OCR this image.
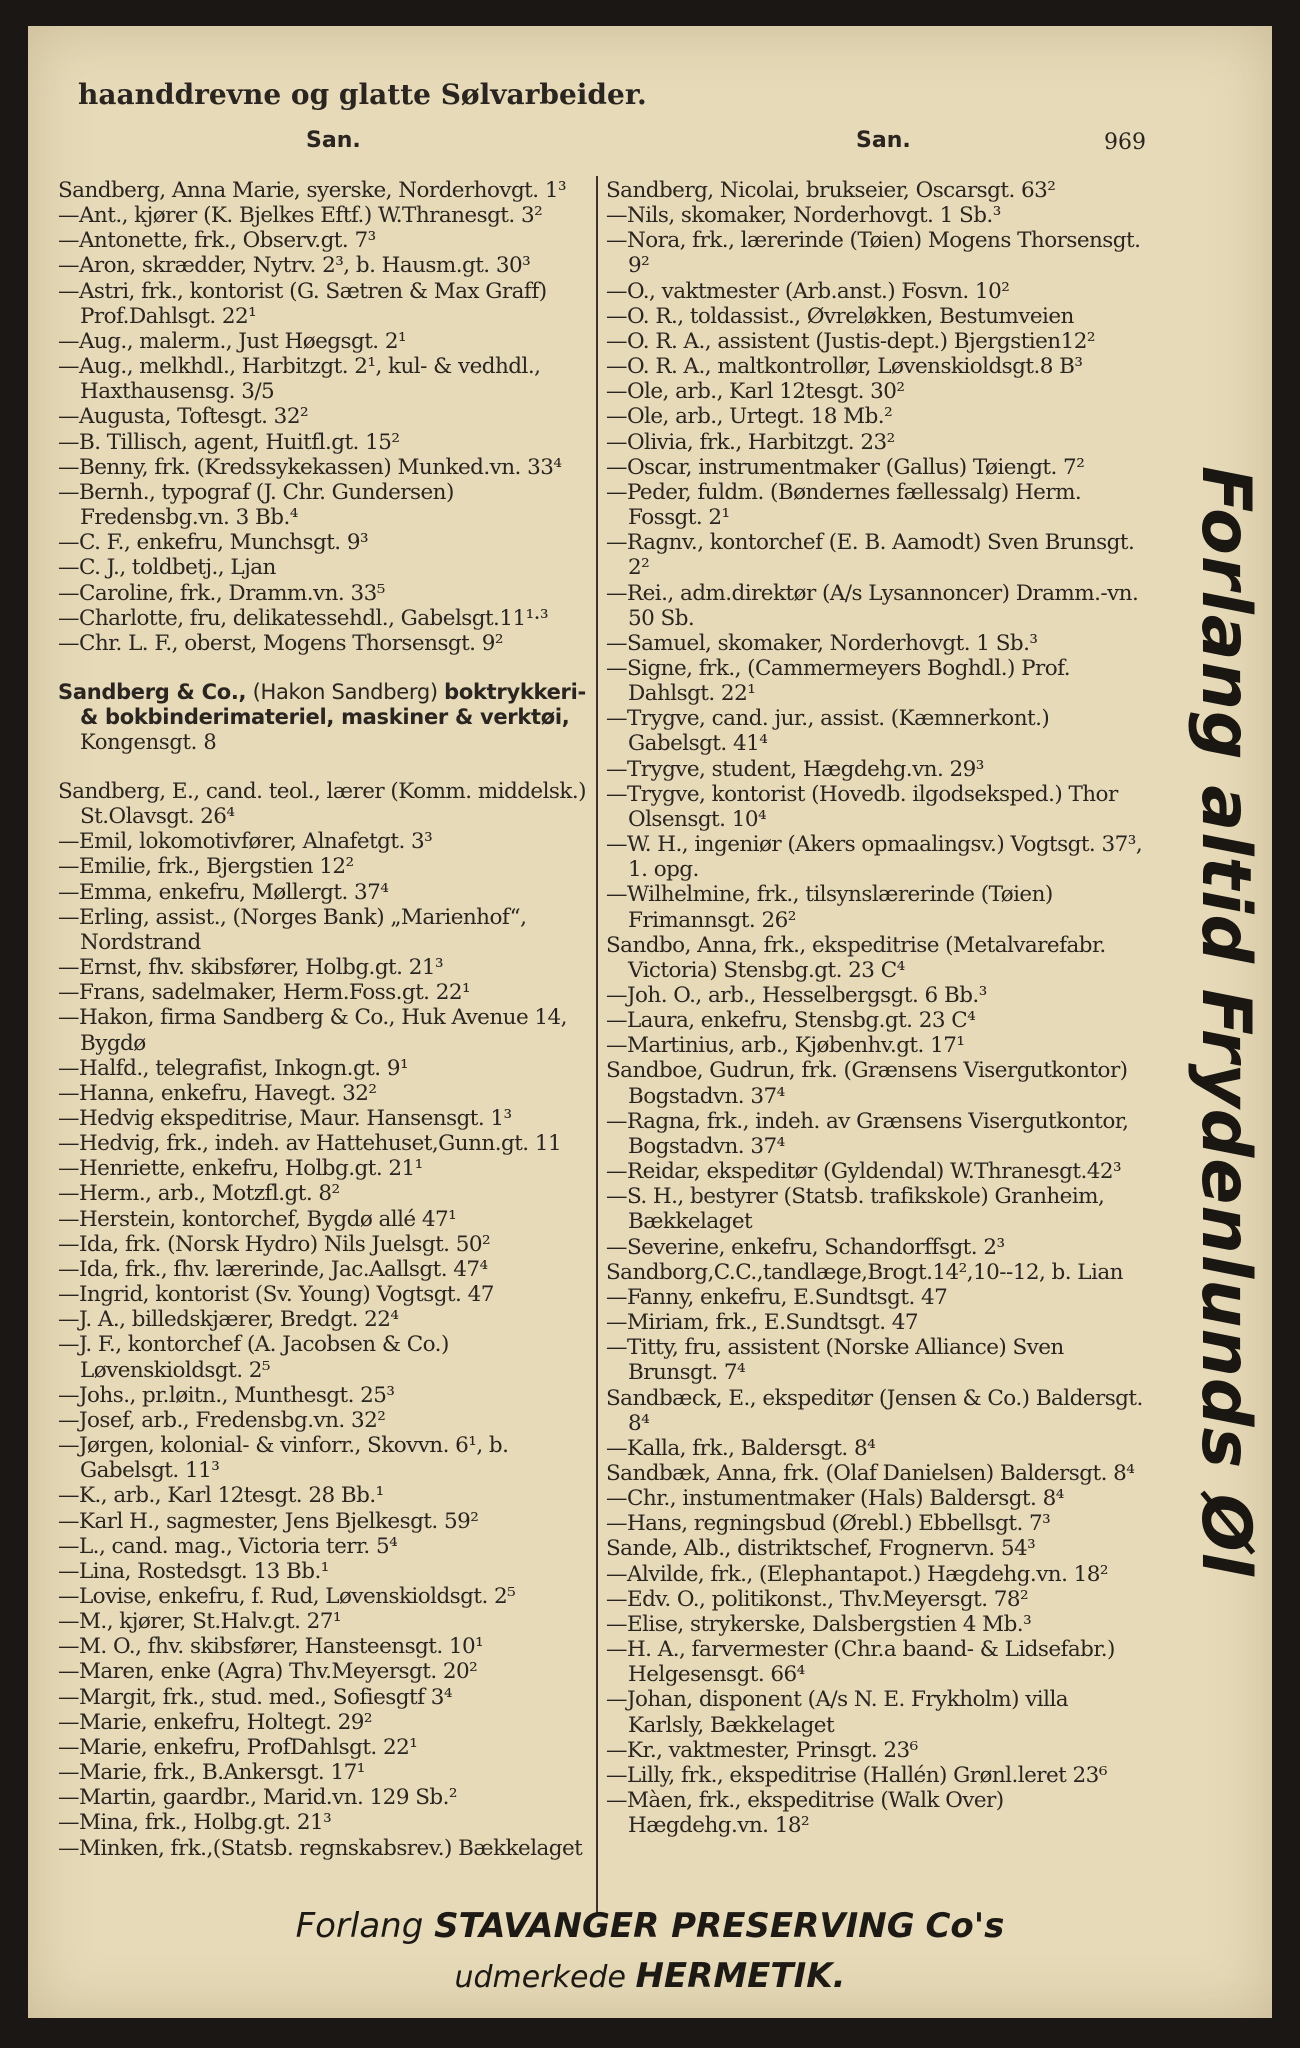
haanddrevne og glatte Sølvarbeider.
San.	San.	969

Sandberg, Anna Marie, syerske, Norderhovgt. 1³

—Ant., kjører (K. Bjelkes Eftf.) W.Thranesgt. 3²

—Antonette, frk., Observ.gt. 7³

—Aron, skrædder, Nytrv. 2³, b. Hausm.gt. 30³

—Astri, frk., kontorist (G. Sætren & Max Graff) Prof.Dahlsgt. 22¹

—Aug., malerm., Just Høegsgt. 2¹

—Aug., melkhdl., Harbitzgt. 2¹, kul- & vedhdl., Haxthausensg. 3/5

—Augusta, Toftesgt. 32²

—B. Tillisch, agent, Huitfl.gt. 15²

—Benny, frk. (Kredssykekassen) Munked.vn. 33⁴

—Bernh., typograf (J. Chr. Gundersen) Fredensbg.vn. 3 Bb.⁴

—C. F., enkefru, Munchsgt. 9³

—C. J., toldbetj., Ljan

—Caroline, frk., Dramm.vn. 33⁵

—Charlotte, fru, delikatessehdl., Gabelsgt.11¹·³

—Chr. L. F., oberst, Mogens Thorsensgt. 9²

Sandberg & Co., (Hakon Sandberg) boktrykkeri- & bokbinderimateriel, maskiner & verktøi, Kongensgt. 8

Sandberg, E., cand. teol., lærer (Komm. middelsk.) St.Olavsgt. 26⁴

—Emil, lokomotivfører, Alnafetgt. 3³

—Emilie, frk., Bjergstien 12²

—Emma, enkefru, Møllergt. 37⁴

—Erling, assist., (Norges Bank) „Marienhof“, Nordstrand

—Ernst, fhv. skibsfører, Holbg.gt. 21³

—Frans, sadelmaker, Herm.Foss.gt. 22¹

—Hakon, firma Sandberg & Co., Huk Avenue 14, Bygdø

—Halfd., telegrafist, Inkogn.gt. 9¹

—Hanna, enkefru, Havegt. 32²

—Hedvig ekspeditrise, Maur. Hansensgt. 1³

—Hedvig, frk., indeh. av Hattehuset,Gunn.gt. 11

—Henriette, enkefru, Holbg.gt. 21¹

—Herm., arb., Motzfl.gt. 8²

—Herstein, kontorchef, Bygdø allé 47¹

—Ida, frk. (Norsk Hydro) Nils Juelsgt. 50²

—Ida, frk., fhv. lærerinde, Jac.Aallsgt. 47⁴

—Ingrid, kontorist (Sv. Young) Vogtsgt. 47

—J. A., billedskjærer, Bredgt. 22⁴

—J. F., kontorchef (A. Jacobsen & Co.) Løvenskioldsgt. 2⁵

—Johs., pr.løitn., Munthesgt. 25³

—Josef, arb., Fredensbg.vn. 32²

—Jørgen, kolonial- & vinforr., Skovvn. 6¹, b. Gabelsgt. 11³

—K., arb., Karl 12tesgt. 28 Bb.¹

—Karl H., sagmester, Jens Bjelkesgt. 59²

—L., cand. mag., Victoria terr. 5⁴

—Lina, Rostedsgt. 13 Bb.¹

—Lovise, enkefru, f. Rud, Løvenskioldsgt. 2⁵

—M., kjører, St.Halv.gt. 27¹

—M. O., fhv. skibsfører, Hansteensgt. 10¹

—Maren, enke (Agra) Thv.Meyersgt. 20²

—Margit, frk., stud. med., Sofiesgtf 3⁴

—Marie, enkefru, Holtegt. 29²

—Marie, enkefru, ProfDahlsgt. 22¹

—Marie, frk., B.Ankersgt. 17¹

—Martin, gaardbr., Marid.vn. 129 Sb.²

—Mina, frk., Holbg.gt. 21³

—Minken, frk.,(Statsb. regnskabsrev.) Bækkelaget

Sandberg, Nicolai, brukseier, Oscarsgt. 63²

—Nils, skomaker, Norderhovgt. 1 Sb.³

—Nora, frk., lærerinde (Tøien) Mogens Thorsensgt. 9²

—O., vaktmester (Arb.anst.) Fosvn. 10²

—O. R., toldassist., Øvreløkken, Bestumveien

—O. R. A., assistent (Justis-dept.) Bjergstien12²

—O. R. A., maltkontrollør, Løvenskioldsgt.8 B³

—Ole, arb., Karl 12tesgt. 30²

—Ole, arb., Urtegt. 18 Mb.²

—Olivia, frk., Harbitzgt. 23²

—Oscar, instrumentmaker (Gallus) Tøiengt. 7²

—Peder, fuldm. (Bøndernes fællessalg) Herm. Fossgt. 2¹

—Ragnv., kontorchef (E. B. Aamodt) Sven Brunsgt. 2²

—Rei., adm.direktør (A/s Lysannoncer) Dramm.-vn. 50 Sb.

—Samuel, skomaker, Norderhovgt. 1 Sb.³

—Signe, frk., (Cammermeyers Boghdl.) Prof. Dahlsgt. 22¹

—Trygve, cand. jur., assist. (Kæmnerkont.) Gabelsgt. 41⁴

—Trygve, student, Hægdehg.vn. 29³

—Trygve, kontorist (Hovedb. ilgodseksped.) Thor Olsensgt. 10⁴

—W. H., ingeniør (Akers opmaalingsv.) Vogtsgt. 37³, 1. opg.

—Wilhelmine, frk., tilsynslærerinde (Tøien) Frimannsgt. 26²

Sandbo, Anna, frk., ekspeditrise (Metalvarefabr. Victoria) Stensbg.gt. 23 C⁴

—Joh. O., arb., Hesselbergsgt. 6 Bb.³

—Laura, enkefru, Stensbg.gt. 23 C⁴

—Martinius, arb., Kjøbenhv.gt. 17¹

Sandboe, Gudrun, frk. (Grænsens Visergutkontor) Bogstadvn. 37⁴

—Ragna, frk., indeh. av Grænsens Visergutkontor, Bogstadvn. 37⁴

—Reidar, ekspeditør (Gyldendal) W.Thranesgt.42³

—S. H., bestyrer (Statsb. trafikskole) Granheim, Bækkelaget

—Severine, enkefru, Schandorffsgt. 2³

Sandborg,C.C.,tandlæge,Brogt.14²,10--12, b. Lian

—Fanny, enkefru, E.Sundtsgt. 47

—Miriam, frk., E.Sundtsgt. 47

—Titty, fru, assistent (Norske Alliance) Sven Brunsgt. 7⁴

Sandbæck, E., ekspeditør (Jensen & Co.) Baldersgt. 8⁴

—Kalla, frk., Baldersgt. 8⁴

Sandbæk, Anna, frk. (Olaf Danielsen) Baldersgt. 8⁴

—Chr., instumentmaker (Hals) Baldersgt. 8⁴

—Hans, regningsbud (Ørebl.) Ebbellsgt. 7³

Sande, Alb., distriktschef, Frognervn. 54³

—Alvilde, frk., (Elephantapot.) Hægdehg.vn. 18²

—Edv. O., politikonst., Thv.Meyersgt. 78²

—Elise, strykerske, Dalsbergstien 4 Mb.³

—H. A., farvermester (Chr.a baand- & Lidsefabr.) Helgesensgt. 66⁴

—Johan, disponent (A/s N. E. Frykholm) villa Karlsly, Bækkelaget

—Kr., vaktmester, Prinsgt. 23⁶

—Lilly, frk., ekspeditrise (Hallén) Grønl.leret 23⁶

—Màen, frk., ekspeditrise (Walk Over) Hægdehg.vn. 18²

Forlang altid Frydenlunds Øl
Forlang STAVANGER PRESERVING Co's
udmerkede HERMETIK.
